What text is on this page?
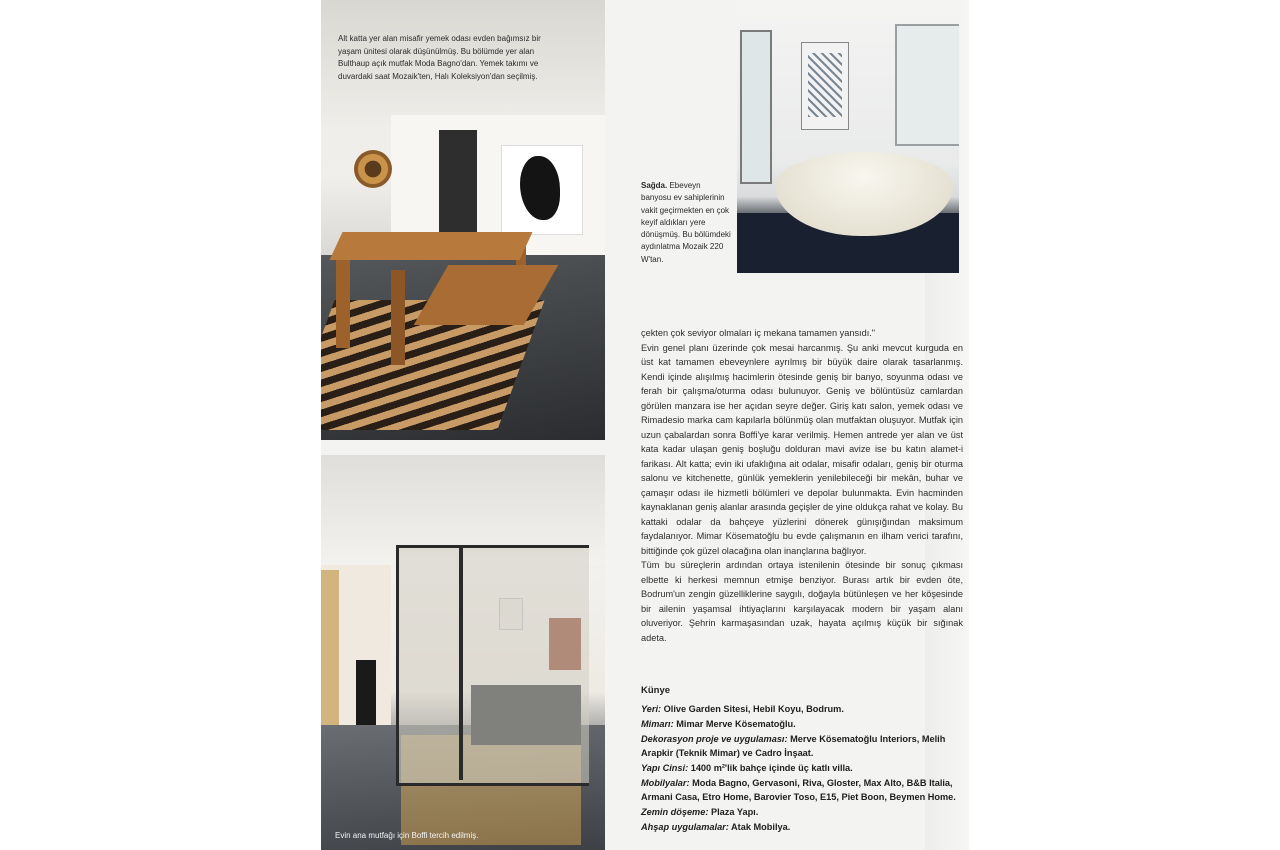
Alt katta yer alan misafir yemek odası evden bağımsız bir yaşam ünitesi olarak düşünülmüş. Bu bölümde yer alan Bulthaup açık mutfak Moda Bagno'dan. Yemek takımı ve duvardaki saat Mozaik'ten, Halı Koleksiyon'dan seçilmiş.
Evin ana mutfağı için Boffi tercih edilmiş.
Sağda. Ebeveyn banyosu ev sahiplerinin vakit geçirmekten en çok keyif aldıkları yere dönüşmüş. Bu bölümdeki aydınlatma Mozaik 220 W'tan.

çekten çok seviyor olmaları iç mekana tamamen yansıdı."

Evin genel planı üzerinde çok mesai harcanmış. Şu anki mevcut kurguda en üst kat tamamen ebeveynlere ayrılmış bir büyük daire olarak tasarlanmış. Kendi içinde alışılmış hacimlerin ötesinde geniş bir banyo, soyunma odası ve ferah bir çalışma/oturma odası bulunuyor. Geniş ve bölüntüsüz camlardan görülen manzara ise her açıdan seyre değer. Giriş katı salon, yemek odası ve Rimadesio marka cam kapılarla bölünmüş olan mutfaktan oluşuyor. Mutfak için uzun çabalardan sonra Boffi'ye karar verilmiş. Hemen antrede yer alan ve üst kata kadar ulaşan geniş boşluğu dolduran mavi avize ise bu katın alamet-i farikası. Alt katta; evin iki ufaklığına ait odalar, misafir odaları, geniş bir oturma salonu ve kitchenette, günlük yemeklerin yenilebileceği bir mekân, buhar ve çamaşır odası ile hizmetli bölümleri ve depolar bulunmakta. Evin hacminden kaynaklanan geniş alanlar arasında geçişler de yine oldukça rahat ve kolay. Bu kattaki odalar da bahçeye yüzlerini dönerek günışığından maksimum faydalanıyor. Mimar Kösematoğlu bu evde çalışmanın en ilham verici tarafını, bittiğinde çok güzel olacağına olan inançlarına bağlıyor.

Tüm bu süreçlerin ardından ortaya istenilenin ötesinde bir sonuç çıkması elbette ki herkesi memnun etmişe benziyor. Burası artık bir evden öte, Bodrum'un zengin güzelliklerine saygılı, doğayla bütünleşen ve her köşesinde bir ailenin yaşamsal ihtiyaçlarını karşılayacak modern bir yaşam alanı oluveriyor. Şehrin karmaşasından uzak, hayata açılmış küçük bir sığınak adeta.

Künye
Yeri: Olive Garden Sitesi, Hebil Koyu, Bodrum.
Mimarı: Mimar Merve Kösematoğlu.
Dekorasyon proje ve uygulaması: Merve Kösematoğlu Interiors, Melih Arapkir (Teknik Mimar) ve Cadro İnşaat.
Yapı Cinsi: 1400 m²'lik bahçe içinde üç katlı villa.
Mobilyalar: Moda Bagno, Gervasoni, Riva, Gloster, Max Alto, B&B Italia, Armani Casa, Etro Home, Barovier Toso, E15, Piet Boon, Beymen Home.
Zemin döşeme: Plaza Yapı.
Ahşap uygulamalar: Atak Mobilya.
